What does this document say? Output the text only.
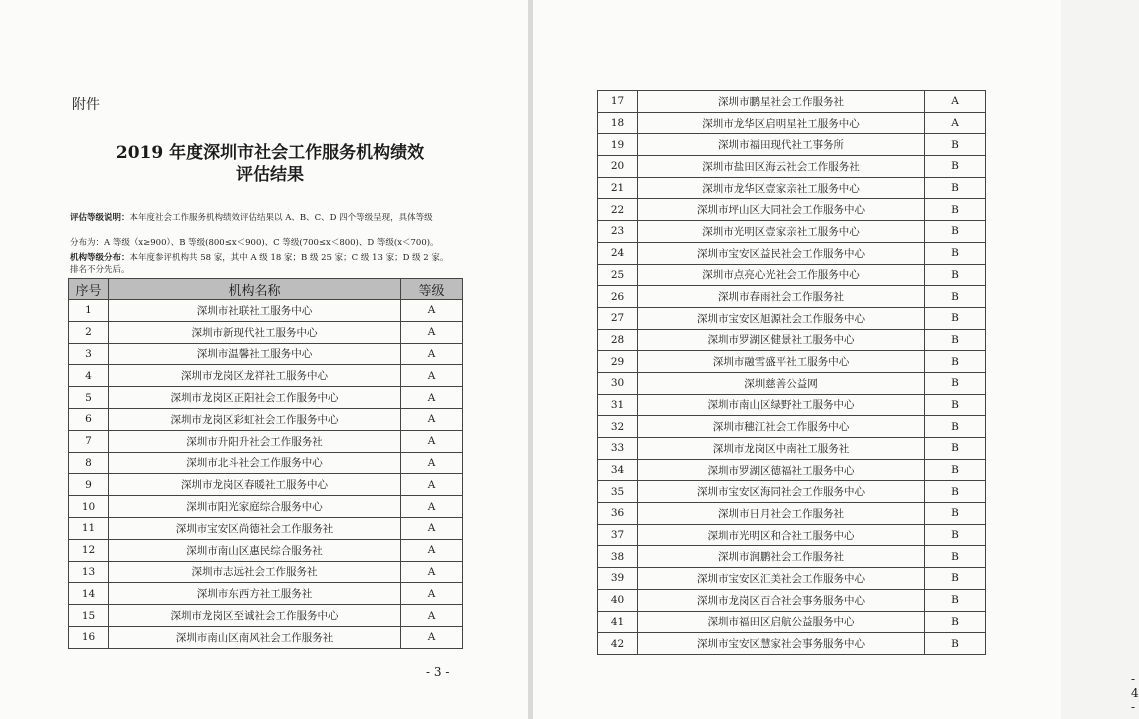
附件
2019 年度深圳市社会工作服务机构绩效
评估结果
评估等级说明：本年度社会工作服务机构绩效评估结果以 A、B、C、D 四个等级呈现，具体等级
分布为：A 等级（x≥900）、B 等级(800≤x＜900)、C 等级(700≤x＜800)、D 等级(x＜700)。
机构等级分布：本年度参评机构共 58 家，其中 A 级 18 家；B 级 25 家；C 级 13 家；D 级 2 家。
排名不分先后。
序号	机构名称	等级
1	深圳市社联社工服务中心	A
2	深圳市新现代社工服务中心	A
3	深圳市温馨社工服务中心	A
4	深圳市龙岗区龙祥社工服务中心	A
5	深圳市龙岗区正阳社会工作服务中心	A
6	深圳市龙岗区彩虹社会工作服务中心	A
7	深圳市升阳升社会工作服务社	A
8	深圳市北斗社会工作服务中心	A
9	深圳市龙岗区春暖社工服务中心	A
10	深圳市阳光家庭综合服务中心	A
11	深圳市宝安区尚德社会工作服务社	A
12	深圳市南山区惠民综合服务社	A
13	深圳市志远社会工作服务社	A
14	深圳市东西方社工服务社	A
15	深圳市龙岗区至诚社会工作服务中心	A
16	深圳市南山区南风社会工作服务社	A
- 3 -	- 4 -
17	深圳市鹏星社会工作服务社	A
18	深圳市龙华区启明星社工服务中心	A
19	深圳市福田现代社工事务所	B
20	深圳市盐田区海云社会工作服务社	B
21	深圳市龙华区壹家亲社工服务中心	B
22	深圳市坪山区大同社会工作服务中心	B
23	深圳市光明区壹家亲社工服务中心	B
24	深圳市宝安区益民社会工作服务中心	B
25	深圳市点亮心光社会工作服务中心	B
26	深圳市春雨社会工作服务社	B
27	深圳市宝安区旭源社会工作服务中心	B
28	深圳市罗湖区健景社工服务中心	B
29	深圳市融雪盛平社工服务中心	B
30	深圳慈善公益网	B
31	深圳市南山区绿野社工服务中心	B
32	深圳市穗江社会工作服务中心	B
33	深圳市龙岗区中南社工服务社	B
34	深圳市罗湖区德福社工服务中心	B
35	深圳市宝安区海同社会工作服务中心	B
36	深圳市日月社会工作服务社	B
37	深圳市光明区和合社工服务中心	B
38	深圳市润鹏社会工作服务社	B
39	深圳市宝安区汇美社会工作服务中心	B
40	深圳市龙岗区百合社会事务服务中心	B
41	深圳市福田区启航公益服务中心	B
42	深圳市宝安区慧家社会事务服务中心	B
